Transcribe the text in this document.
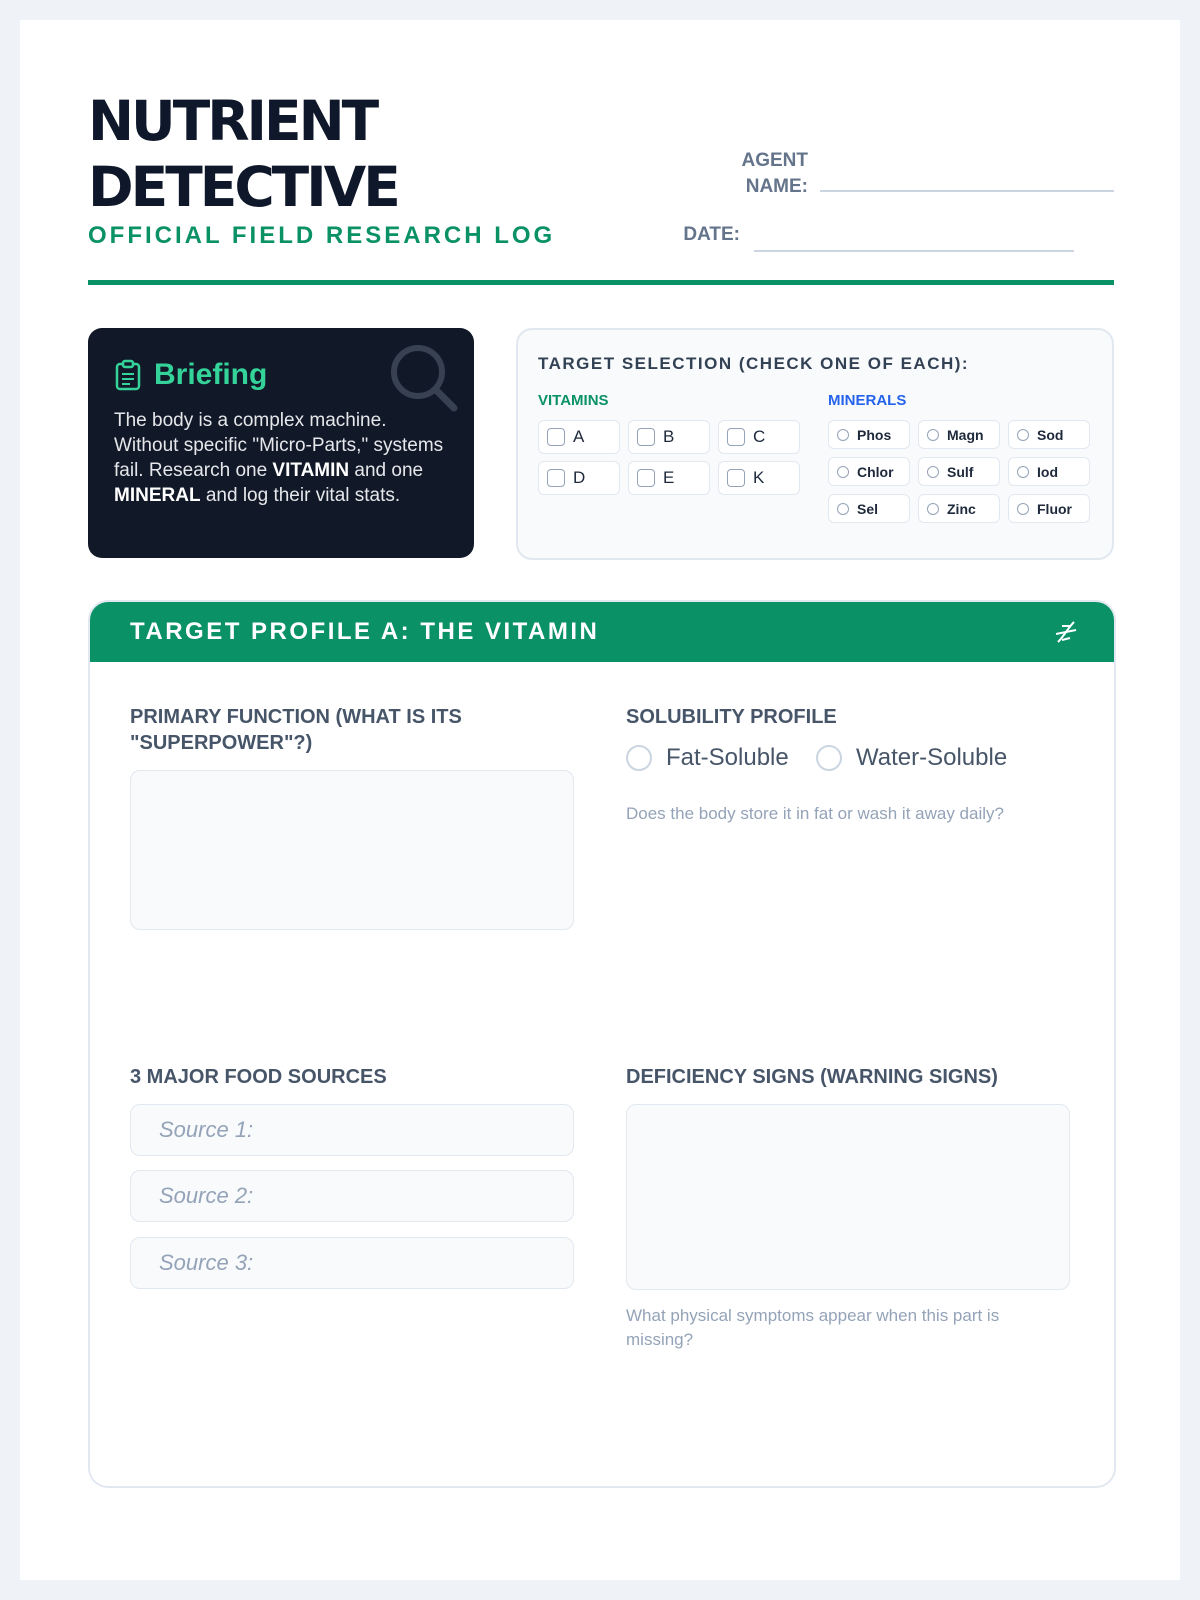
NUTRIENT
DETECTIVE
OFFICIAL FIELD RESEARCH LOG
AGENT
NAME:
DATE:
Briefing

The body is a complex machine. Without specific "Micro-Parts," systems fail. Research one VITAMIN and one MINERAL and log their vital stats.

TARGET SELECTION (CHECK ONE OF EACH):
VITAMINS	MINERALS
A	B	C
D	E	K
Phos	Magn	Sod
Chlor	Sulf	Iod
Sel	Zinc	Fluor
TARGET PROFILE A: THE VITAMIN
PRIMARY FUNCTION (WHAT IS ITS
"SUPERPOWER"?)
SOLUBILITY PROFILE
Fat-Soluble	Water-Soluble
Does the body store it in fat or wash it away daily?
3 MAJOR FOOD SOURCES
Source 1:
Source 2:
Source 3:
DEFICIENCY SIGNS (WARNING SIGNS)
What physical symptoms appear when this part is missing?
